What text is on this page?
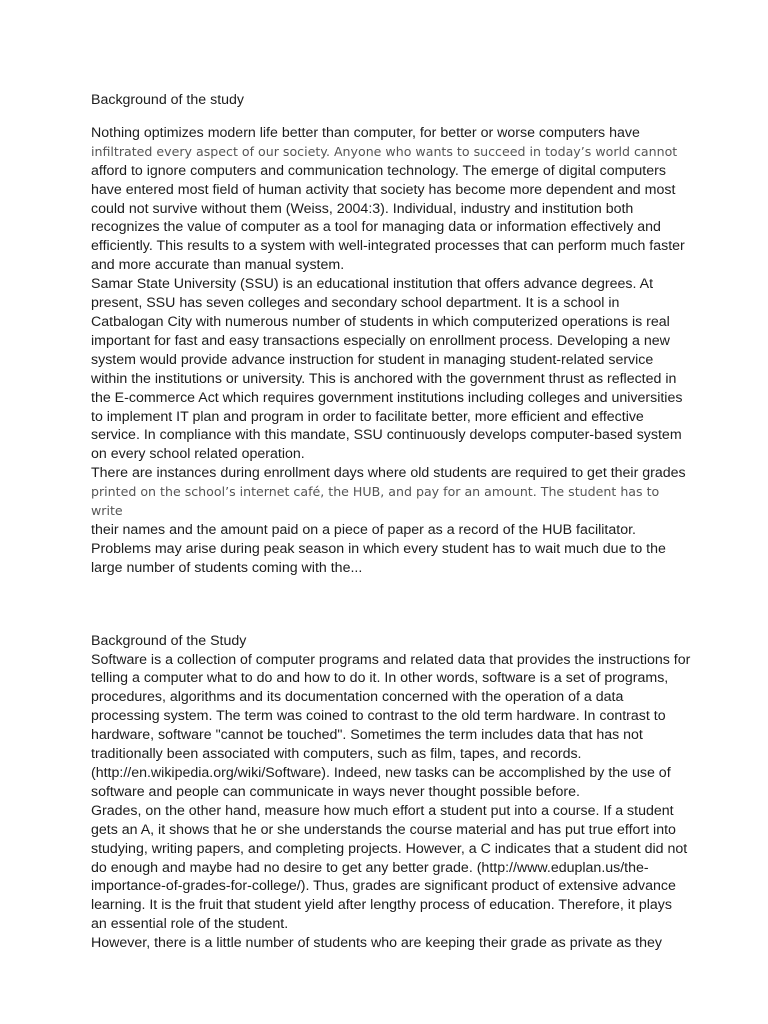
Background of the study

Nothing optimizes modern life better than computer, for better or worse computers have
infiltrated every aspect of our society. Anyone who wants to succeed in today’s world cannot
afford to ignore computers and communication technology. The emerge of digital computers have entered most field of human activity that society has become more dependent and most could not survive without them (Weiss, 2004:3). Individual, industry and institution both recognizes the value of computer as a tool for managing data or information effectively and efficiently. This results to a system with well-integrated processes that can perform much faster and more accurate than manual system.

Samar State University (SSU) is an educational institution that offers advance degrees. At present, SSU has seven colleges and secondary school department. It is a school in Catbalogan City with numerous number of students in which computerized operations is real important for fast and easy transactions especially on enrollment process. Developing a new system would provide advance instruction for student in managing student-related service within the institutions or university. This is anchored with the government thrust as reflected in the E-commerce Act which requires government institutions including colleges and universities to implement IT plan and program in order to facilitate better, more efficient and effective service. In compliance with this mandate, SSU continuously develops computer-based system on every school related operation.

There are instances during enrollment days where old students are required to get their grades
printed on the school’s internet café, the HUB, and pay for an amount. The student has to write
their names and the amount paid on a piece of paper as a record of the HUB facilitator. Problems may arise during peak season in which every student has to wait much due to the large number of students coming with the...

Background of the Study

Software is a collection of computer programs and related data that provides the instructions for telling a computer what to do and how to do it. In other words, software is a set of programs, procedures, algorithms and its documentation concerned with the operation of a data processing system. The term was coined to contrast to the old term hardware. In contrast to hardware, software "cannot be touched". Sometimes the term includes data that has not traditionally been associated with computers, such as film, tapes, and records. (http://en.wikipedia.org/wiki/Software). Indeed, new tasks can be accomplished by the use of software and people can communicate in ways never thought possible before.

Grades, on the other hand, measure how much effort a student put into a course. If a student gets an A, it shows that he or she understands the course material and has put true effort into studying, writing papers, and completing projects. However, a C indicates that a student did not do enough and maybe had no desire to get any better grade. (http://www.eduplan.us/the-importance-of-grades-for-college/). Thus, grades are significant product of extensive advance learning. It is the fruit that student yield after lengthy process of education. Therefore, it plays an essential role of the student.

However, there is a little number of students who are keeping their grade as private as they
